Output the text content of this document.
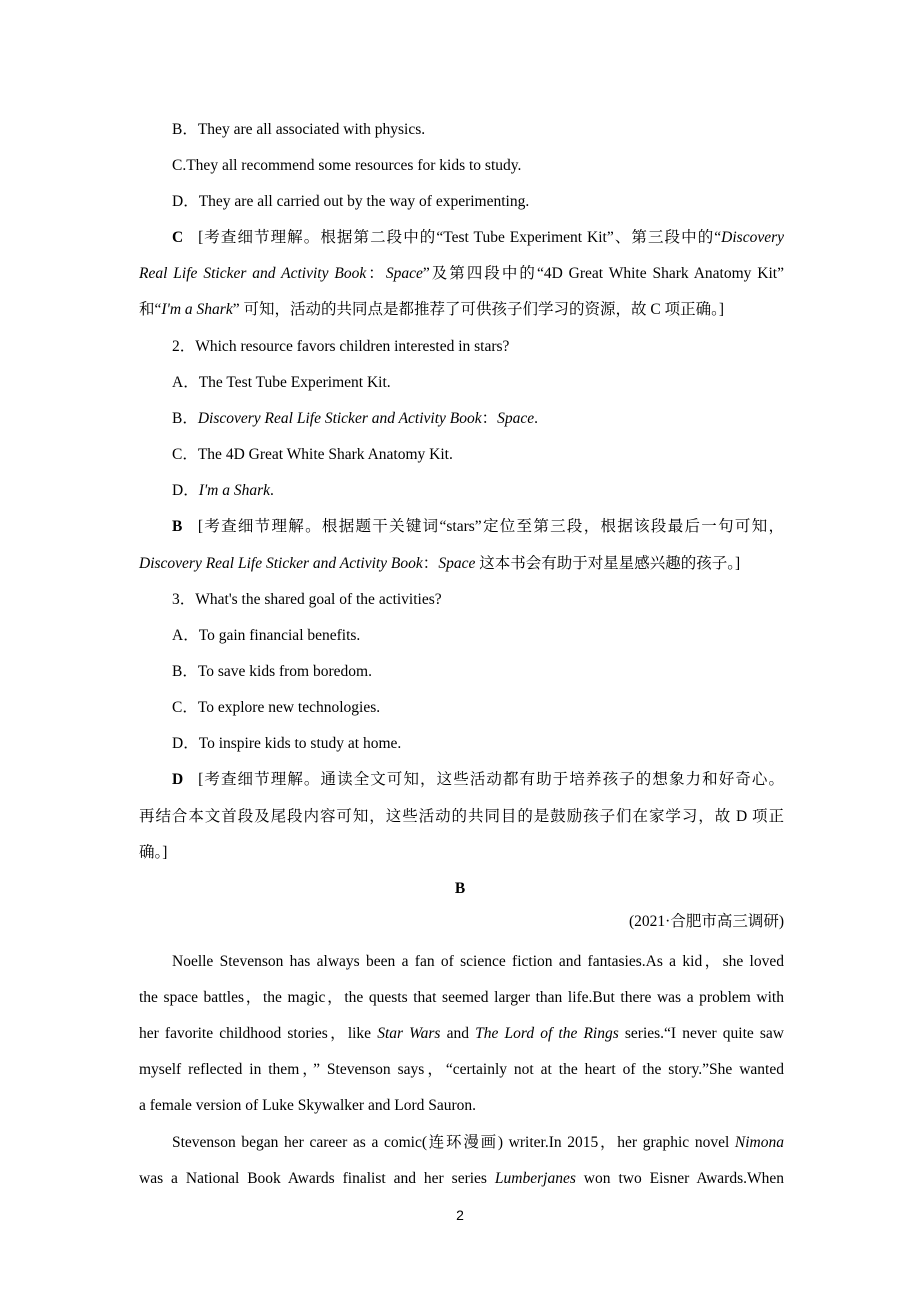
B．They are all associated with physics.
C.They all recommend some resources for kids to study.
D．They are all carried out by the way of experimenting.
C [考查细节理解。根据第二段中的“Test Tube Experiment Kit”、第三段中的“Discovery
Real Life Sticker and Activity Book：Space”及第四段中的“4D Great White Shark Anatomy Kit”
和“I'm a Shark” 可知，活动的共同点是都推荐了可供孩子们学习的资源，故 C 项正确。]
2．Which resource favors children interested in stars?
A．The Test Tube Experiment Kit.
B．Discovery Real Life Sticker and Activity Book：Space.
C．The 4D Great White Shark Anatomy Kit.
D．I'm a Shark.
B [考查细节理解。根据题干关键词“stars”定位至第三段，根据该段最后一句可知，
Discovery Real Life Sticker and Activity Book：Space 这本书会有助于对星星感兴趣的孩子。]
3．What's the shared goal of the activities?
A．To gain financial benefits.
B．To save kids from boredom.
C．To explore new technologies.
D．To inspire kids to study at home.
D [考查细节理解。通读全文可知，这些活动都有助于培养孩子的想象力和好奇心。
再结合本文首段及尾段内容可知，这些活动的共同目的是鼓励孩子们在家学习，故 D 项正
确。]
B
(2021·合肥市高三调研)
Noelle Stevenson has always been a fan of science fiction and fantasies.As a kid，she loved
the space battles，the magic，the quests that seemed larger than life.But there was a problem with
her favorite childhood stories，like Star Wars and The Lord of the Rings series.“I never quite saw
myself reflected in them，” Stevenson says，“certainly not at the heart of the story.”She wanted
a female version of Luke Skywalker and Lord Sauron.
Stevenson began her career as a comic(连环漫画) writer.In 2015，her graphic novel Nimona
was a National Book Awards finalist and her series Lumberjanes won two Eisner Awards.When
2
